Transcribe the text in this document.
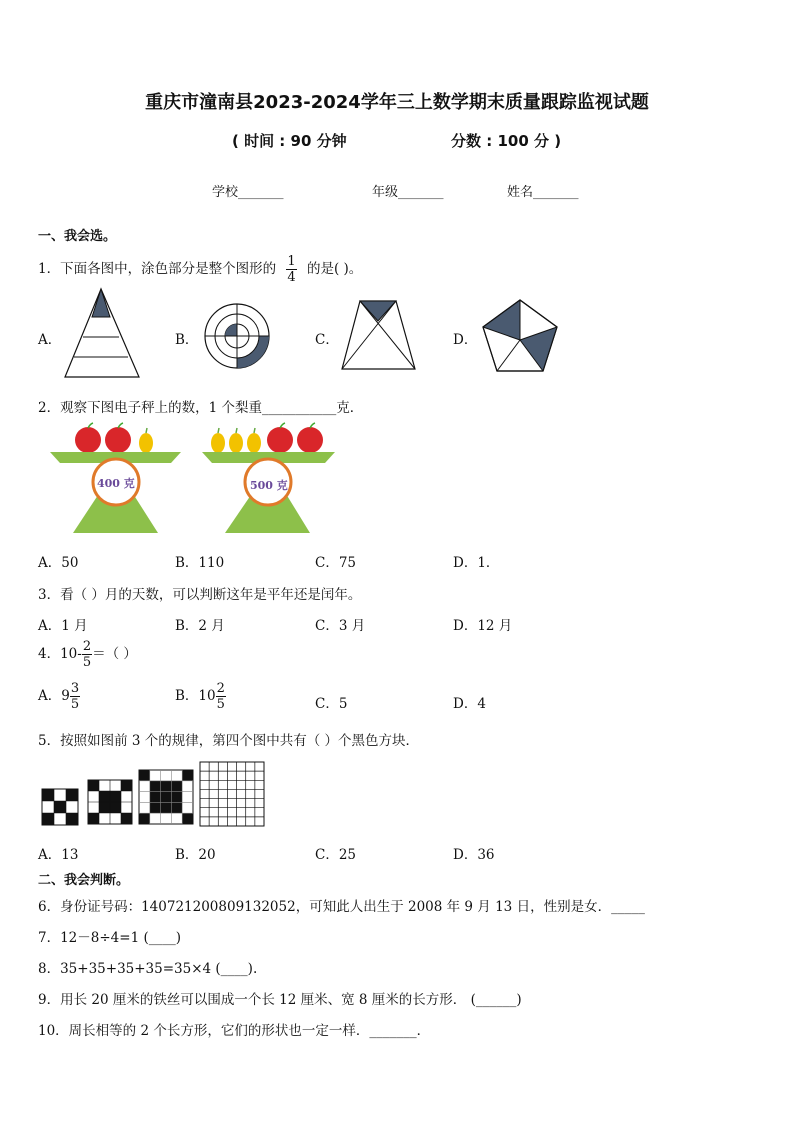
重庆市潼南县2023-2024学年三上数学期末质量跟踪监视试题
( 时间 : 90 分钟	分数 : 100 分 )
学校_______	年级_______	姓名_______
一、我会选。
1．下面各图中，涂色部分是整个图形的 $\frac{1}{4}$ 的是( )。
A．	B．	C．	D．
2．观察下图电子秤上的数，1 个梨重___________克．
400 克	500 克
A．50	B．110	C．75	D．1．
3．看（ ）月的天数，可以判断这年是平年还是闰年。
A．1 月	B．2 月	C．3 月	D．12 月
4．$10- \frac{2}{5}$ ＝（ ）
A．$9 \frac{3}{5}$	B．$10 \frac{2}{5}$	C．5	D．4
5．按照如图前 3 个的规律，第四个图中共有（ ）个黑色方块．
A．13	B．20	C．25	D．36
二、我会判断。
6．身份证号码：140721200809132052，可知此人出生于 2008 年 9 月 13 日，性别是女．_____
7．12－8÷4=1 (____)
8．35+35+35+35=35×4 (____).
9．用长 20 厘米的铁丝可以围成一个长 12 厘米、宽 8 厘米的长方形． (______)
10．周长相等的 2 个长方形，它们的形状也一定一样．_______．
